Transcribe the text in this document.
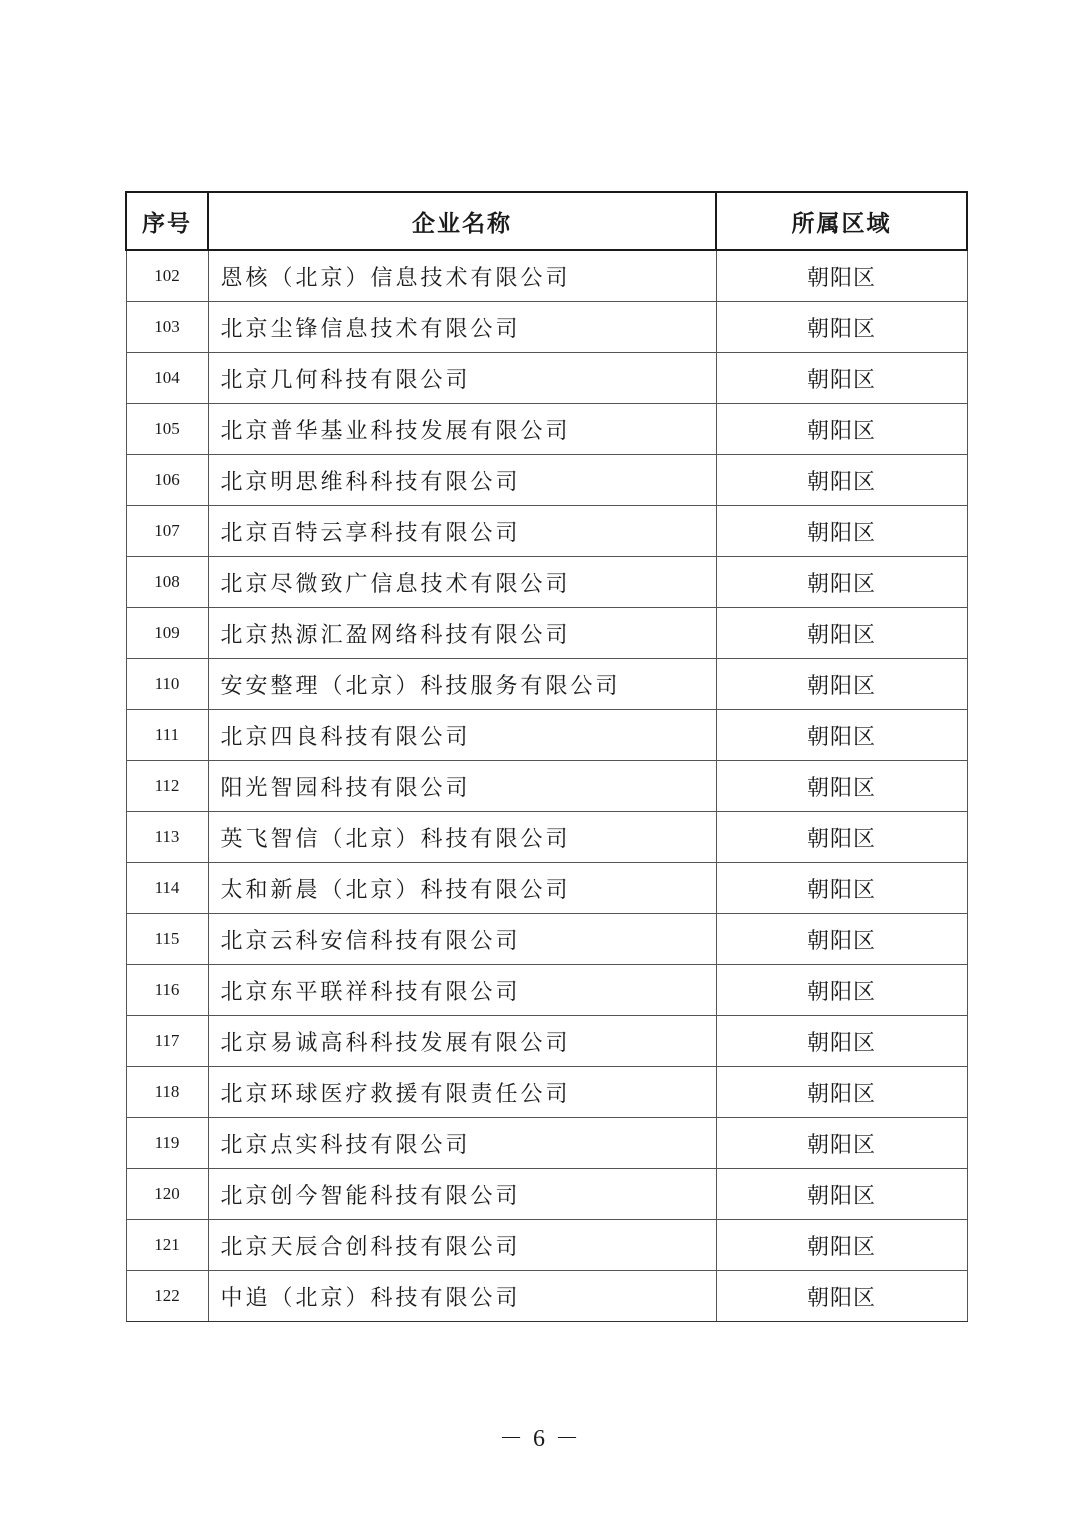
序号	企业名称	所属区域
102	恩核（北京）信息技术有限公司	朝阳区
103	北京尘锋信息技术有限公司	朝阳区
104	北京几何科技有限公司	朝阳区
105	北京普华基业科技发展有限公司	朝阳区
106	北京明思维科科技有限公司	朝阳区
107	北京百特云享科技有限公司	朝阳区
108	北京尽微致广信息技术有限公司	朝阳区
109	北京热源汇盈网络科技有限公司	朝阳区
110	安安整理（北京）科技服务有限公司	朝阳区
111	北京四良科技有限公司	朝阳区
112	阳光智园科技有限公司	朝阳区
113	英飞智信（北京）科技有限公司	朝阳区
114	太和新晨（北京）科技有限公司	朝阳区
115	北京云科安信科技有限公司	朝阳区
116	北京东平联祥科技有限公司	朝阳区
117	北京易诚高科科技发展有限公司	朝阳区
118	北京环球医疗救援有限责任公司	朝阳区
119	北京点实科技有限公司	朝阳区
120	北京创今智能科技有限公司	朝阳区
121	北京天辰合创科技有限公司	朝阳区
122	中追（北京）科技有限公司	朝阳区
－ 6 －
